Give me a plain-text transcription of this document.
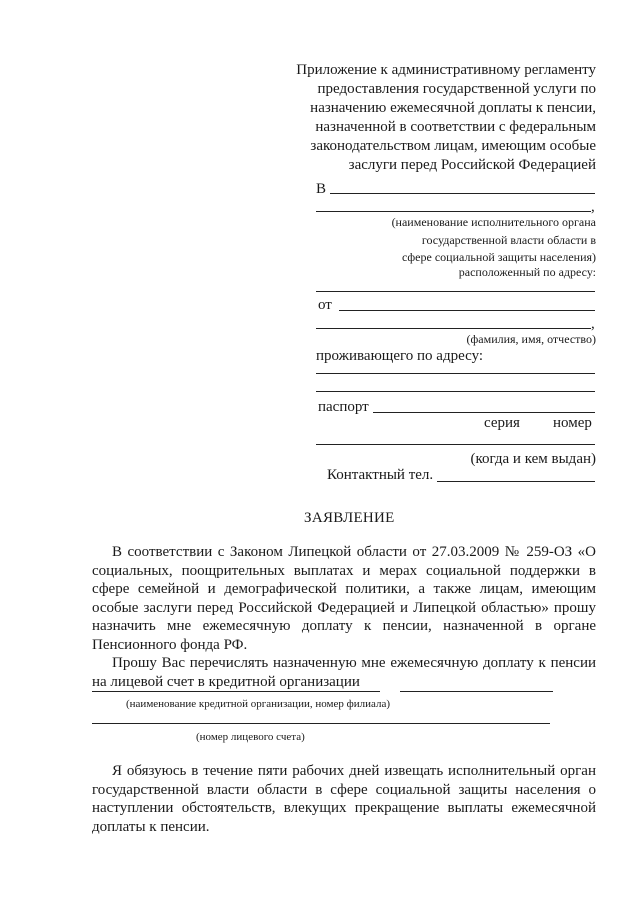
Приложение к административному регламенту
предоставления государственной услуги по
назначению ежемесячной доплаты к пенсии,
назначенной в соответствии с федеральным
законодательством лицам, имеющим особые
заслуги перед Российской Федерацией
В
,
(наименование исполнительного органа
государственной власти области в
сфере социальной защиты населения)
расположенный по адресу:
от
,
(фамилия, имя, отчество)
проживающего по адресу:
паспорт
серия номер
(когда и кем выдан)
Контактный тел.
ЗАЯВЛЕНИЕ
В соответствии с Законом Липецкой области от 27.03.2009 № 259-ОЗ «О
социальных, поощрительных выплатах и мерах социальной поддержки в
сфере семейной и демографической политики, а также лицам, имеющим
особые заслуги перед Российской Федерацией и Липецкой областью» прошу
назначить мне ежемесячную доплату к пенсии, назначенной в органе
Пенсионного фонда РФ.
Прошу Вас перечислять назначенную мне ежемесячную доплату к пенсии
на лицевой счет в кредитной организации
(наименование кредитной организации, номер филиала)
(номер лицевого счета)
Я обязуюсь в течение пяти рабочих дней извещать исполнительный орган
государственной власти области в сфере социальной защиты населения о
наступлении обстоятельств, влекущих прекращение выплаты ежемесячной
доплаты к пенсии.
